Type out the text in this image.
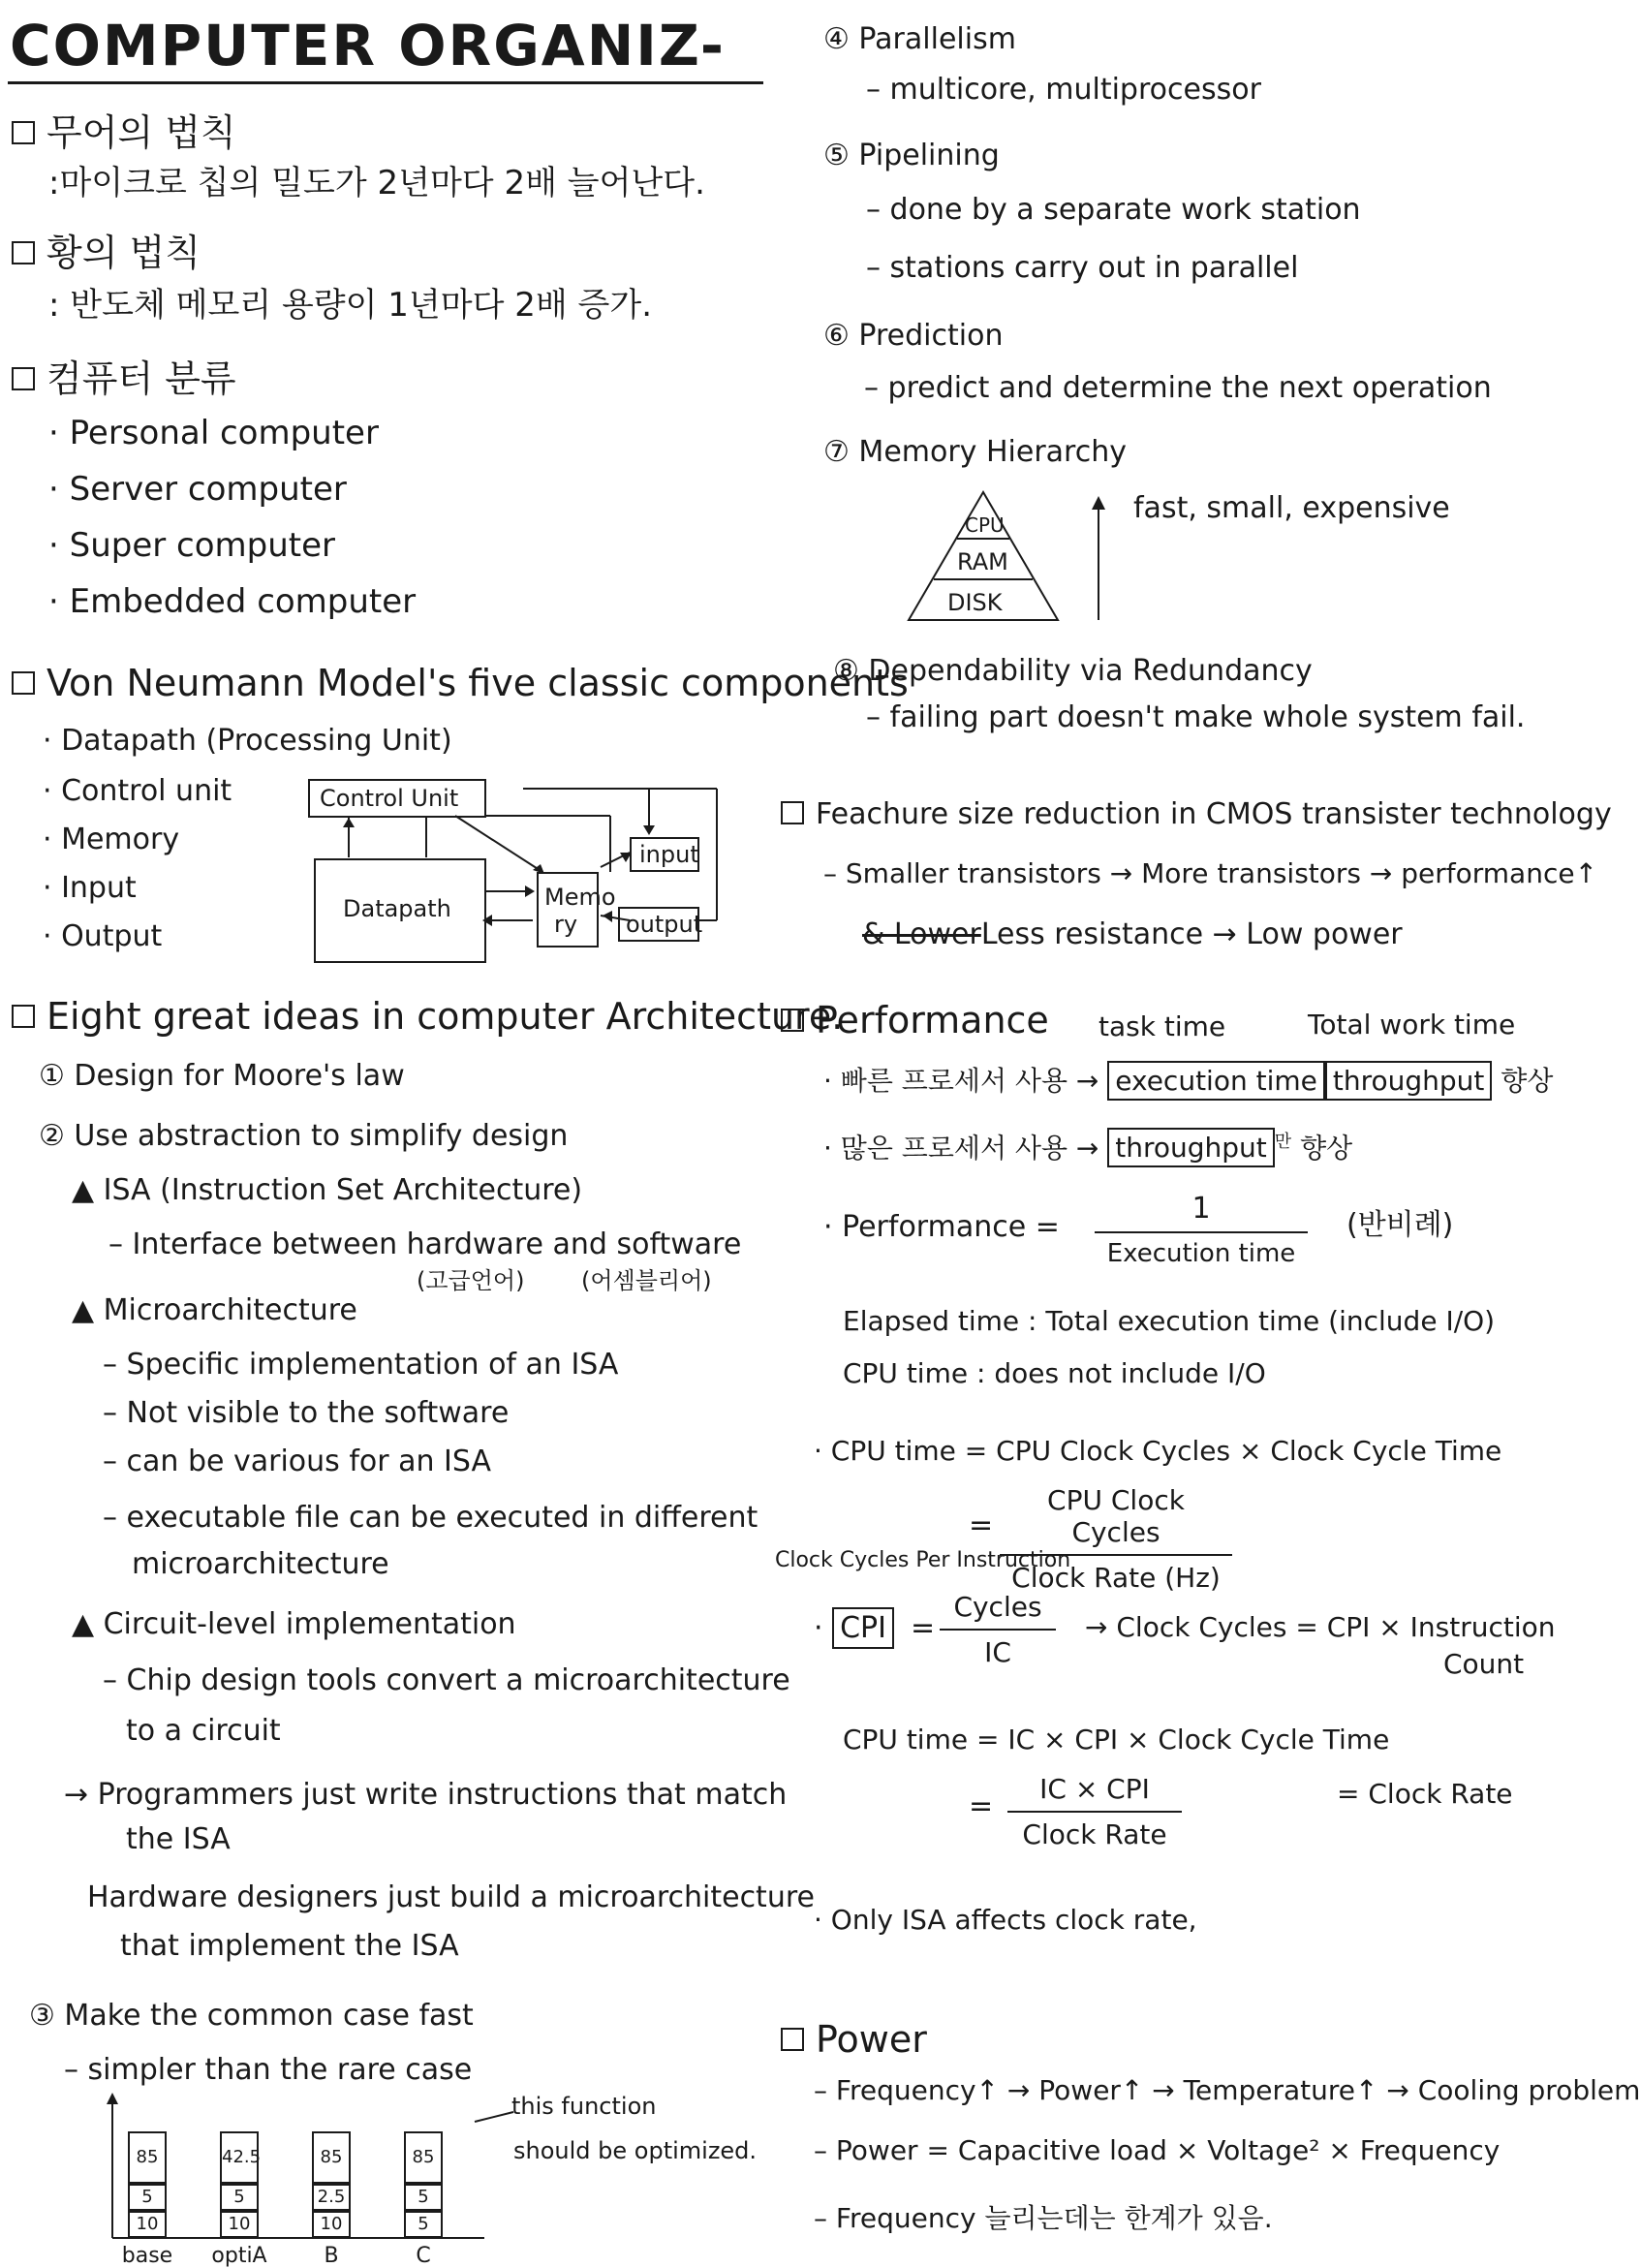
COMPUTER ORGANIZ-
무어의 법칙
:마이크로 칩의 밀도가 2년마다 2배 늘어난다.
황의 법칙
: 반도체 메모리 용량이 1년마다 2배 증가.
컴퓨터 분류
· Personal computer
· Server computer
· Super computer
· Embedded computer
Von Neumann Model's five classic components
· Datapath (Processing Unit)
· Control unit
· Memory
· Input
· Output
Control Unit
Datapath	Memo
ry
input
output
Eight great ideas in computer Architecture.
① Design for Moore's law
② Use abstraction to simplify design
▲ ISA (Instruction Set Architecture)
– Interface between hardware and software
(고급언어) (어셈블리어)
▲ Microarchitecture
– Specific implementation of an ISA
– Not visible to the software
– can be various for an ISA
– executable file can be executed in different
microarchitecture
▲ Circuit-level implementation
– Chip design tools convert a microarchitecture
to a circuit
→ Programmers just write instructions that match
the ISA
Hardware designers just build a microarchitecture
that implement the ISA
③ Make the common case fast
– simpler than the rare case
this function
should be optimized.
85
5
10
base
42.5
5
10
optiA
85
2.5
10
B
85
5
5
C
④ Parallelism
– multicore, multiprocessor
⑤ Pipelining
– done by a separate work station
– stations carry out in parallel
⑥ Prediction
– predict and determine the next operation
⑦ Memory Hierarchy
CPU
RAM
DISK
fast, small, expensive
⑧ Dependability via Redundancy
– failing part doesn't make whole system fail.
Feachure size reduction in CMOS transister technology
– Smaller transistors → More transistors → performance↑
& LowerLess resistance → Low power
Performance task time	Total work time
· 빠른 프로세서 사용 → execution time throughput 향상
· 많은 프로세서 사용 → throughput $^만$ 향상
· Performance =
1
Execution time
(반비례)
Elapsed time : Total execution time (include I/O)
CPU time : does not include I/O
· CPU time = CPU Clock Cycles × Clock Cycle Time
=
CPU Clock Cycles
Clock Rate (Hz)
Clock Cycles Per Instruction
· CPI =
Cycles
IC
→ Clock Cycles = CPI × Instruction
Count
CPU time = IC × CPI × Clock Cycle Time
=
IC × CPI
Clock Rate
= Clock Rate
· Only ISA affects clock rate,
Power
– Frequency↑ → Power↑ → Temperature↑ → Cooling problem
– Power = Capacitive load × Voltage² × Frequency
– Frequency 늘리는데는 한계가 있음.
